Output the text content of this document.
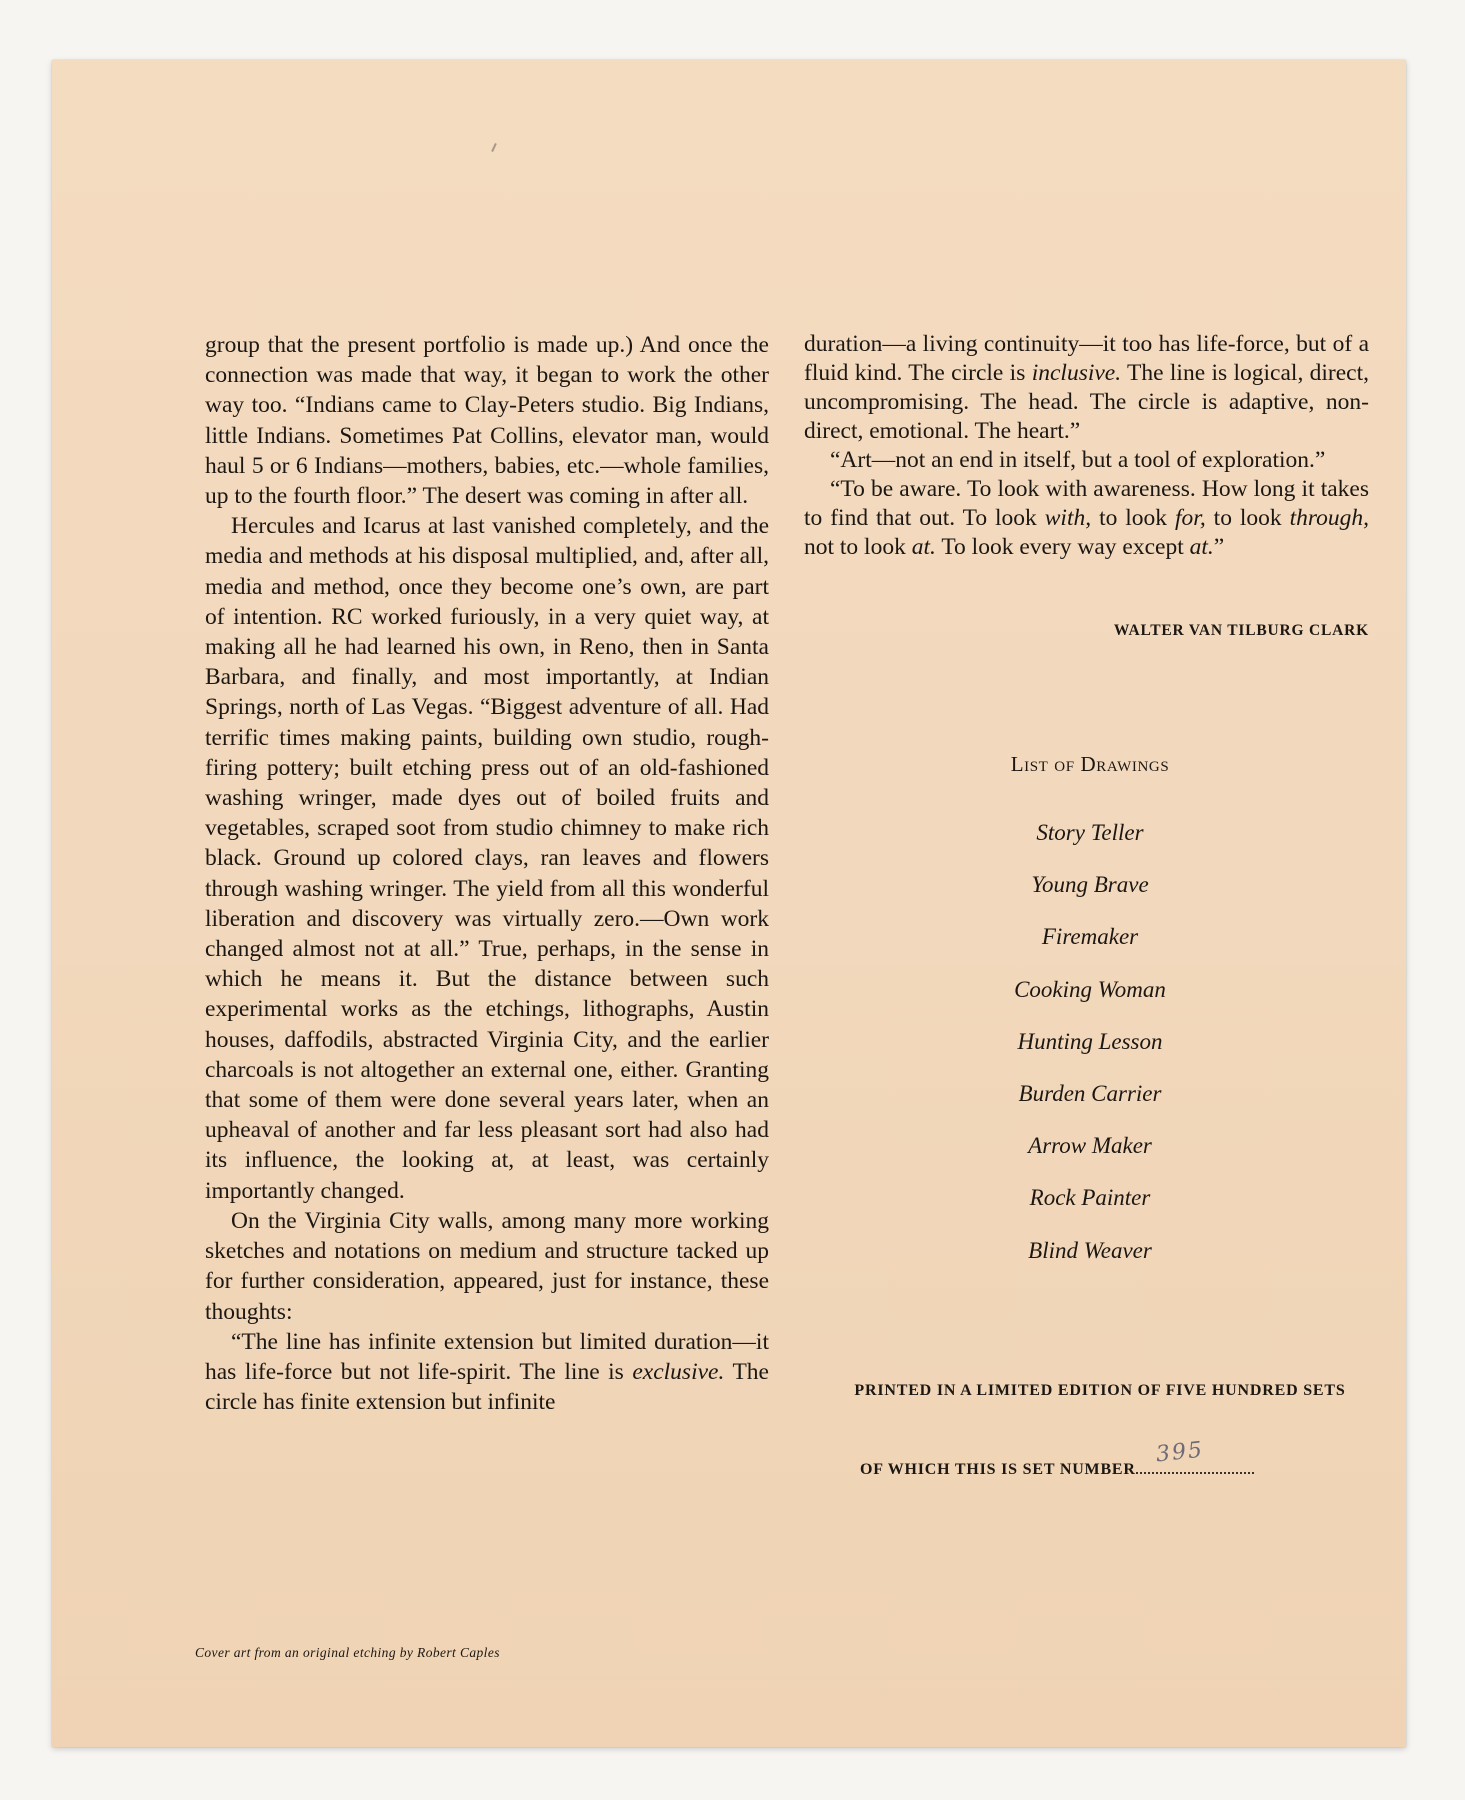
group that the present portfolio is made up.) And once the connection was made that way, it began to work the other way too. “Indians came to Clay-Peters studio. Big Indians, little Indians. Sometimes Pat Collins, elevator man, would haul 5 or 6 Indians—mothers, babies, etc.—whole families, up to the fourth floor.” The desert was coming in after all.

Hercules and Icarus at last vanished completely, and the media and methods at his disposal multiplied, and, after all, media and method, once they become one’s own, are part of intention. RC worked furiously, in a very quiet way, at making all he had learned his own, in Reno, then in Santa Barbara, and finally, and most importantly, at Indian Springs, north of Las Vegas. “Biggest adventure of all. Had terrific times making paints, building own studio, rough-firing pottery; built etching press out of an old-fashioned washing wringer, made dyes out of boiled fruits and vegetables, scraped soot from studio chimney to make rich black. Ground up colored clays, ran leaves and flowers through washing wringer. The yield from all this wonderful liberation and discovery was virtually zero.—Own work changed almost not at all.” True, perhaps, in the sense in which he means it. But the distance between such experimental works as the etchings, lithographs, Austin houses, daffodils, abstracted Virginia City, and the earlier charcoals is not altogether an external one, either. Granting that some of them were done several years later, when an upheaval of another and far less pleasant sort had also had its influence, the looking at, at least, was certainly importantly changed.

On the Virginia City walls, among many more working sketches and notations on medium and structure tacked up for further consideration, appeared, just for instance, these thoughts:

“The line has infinite extension but limited duration—it has life-force but not life-spirit. The line is exclusive. The circle has finite extension but infinite

duration—a living continuity—it too has life-force, but of a fluid kind. The circle is inclusive. The line is logical, direct, uncompromising. The head. The circle is adaptive, non-direct, emotional. The heart.”

“Art—not an end in itself, but a tool of exploration.”

“To be aware. To look with awareness. How long it takes to find that out. To look with, to look for, to look through, not to look at. To look every way except at.”

WALTER VAN TILBURG CLARK
List of Drawings
Story Teller
Young Brave
Firemaker
Cooking Woman
Hunting Lesson
Burden Carrier
Arrow Maker
Rock Painter
Blind Weaver
PRINTED IN A LIMITED EDITION OF FIVE HUNDRED SETS
OF WHICH THIS IS SET NUMBER
395
Cover art from an original etching by Robert Caples
